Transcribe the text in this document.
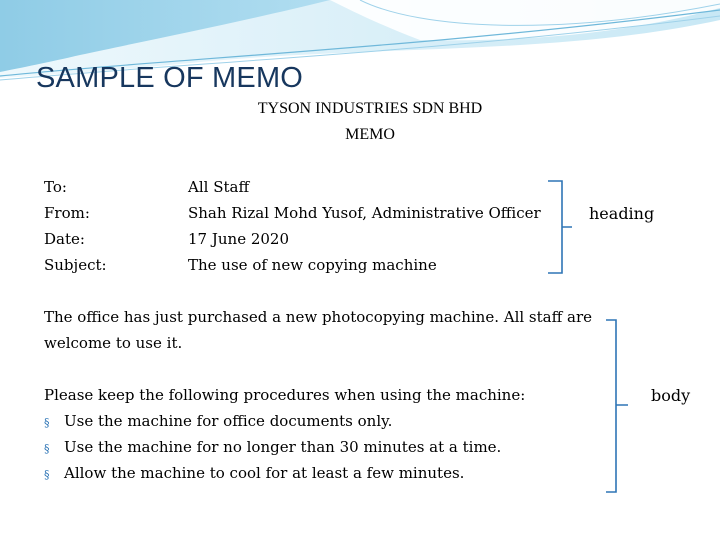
SAMPLE OF MEMO
TYSON INDUSTRIES SDN BHD
MEMO
To:	All Staff
From:	Shah Rizal Mohd Yusof, Administrative Officer
Date:	17 June 2020
Subject:	The use of new copying machine
The office has just purchased a new photocopying machine. All staff are
welcome to use it.
Please keep the following procedures when using the machine:
§ Use the machine for office documents only.
§ Use the machine for no longer than 30 minutes at a time.
§ Allow the machine to cool for at least a few minutes.
heading
body
